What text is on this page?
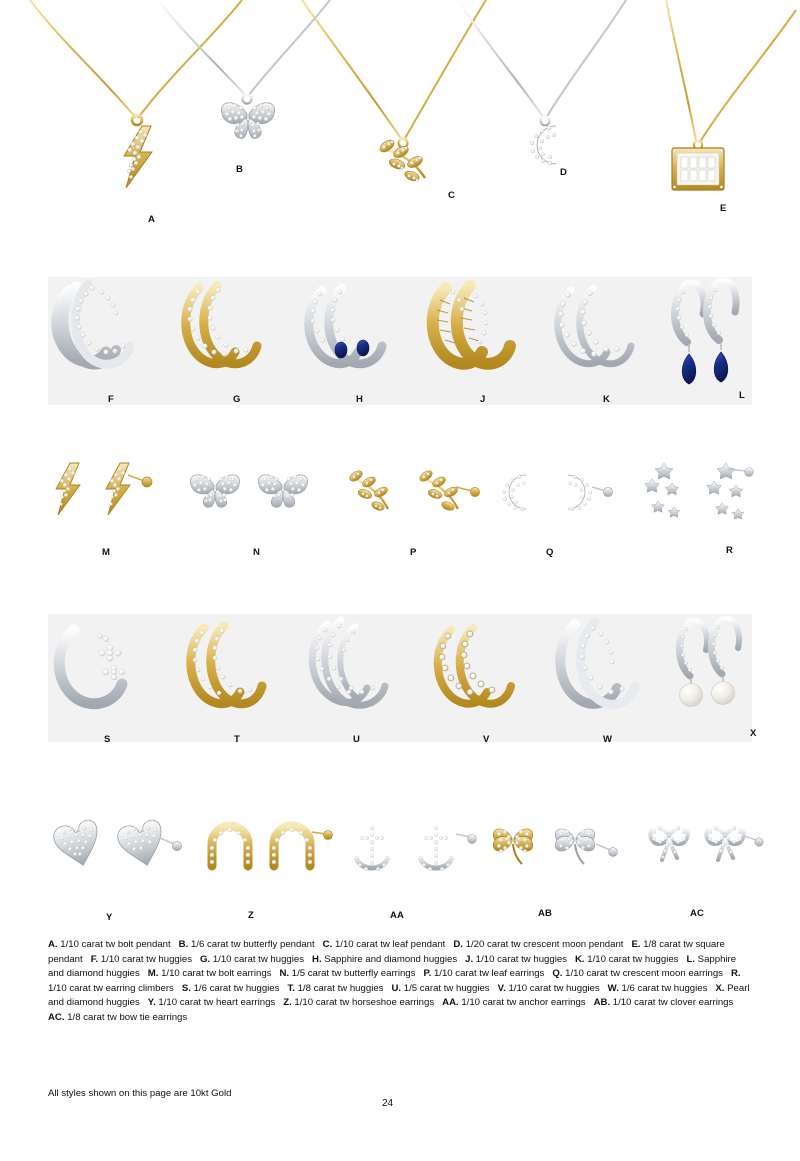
A
B
C
D
E
F	G	H	J	K	L
M	N	P	Q	R
S	T	U	V	W
X
Y	Z	AA	AB	AC
A. 1/10 carat tw bolt pendant B. 1/6 carat tw butterfly pendant C. 1/10 carat tw leaf pendant D. 1/20 carat tw crescent moon pendant E. 1/8 carat tw square pendant F. 1/10 carat tw huggies G. 1/10 carat tw huggies H. Sapphire and diamond huggies J. 1/10 carat tw huggies K. 1/10 carat tw huggies L. Sapphire and diamond huggies M. 1/10 carat tw bolt earrings N. 1/5 carat tw butterfly earrings P. 1/10 carat tw leaf earrings Q. 1/10 carat tw crescent moon earrings R. 1/10 carat tw earring climbers S. 1/6 carat tw huggies T. 1/8 carat tw huggies U. 1/5 carat tw huggies V. 1/10 carat tw huggies W. 1/6 carat tw huggies X. Pearl and diamond huggies Y. 1/10 carat tw heart earrings Z. 1/10 carat tw horseshoe earrings AA. 1/10 carat tw anchor earrings AB. 1/10 carat tw clover earrings   AC. 1/8 carat tw bow tie earrings
All styles shown on this page are 10kt Gold
24
